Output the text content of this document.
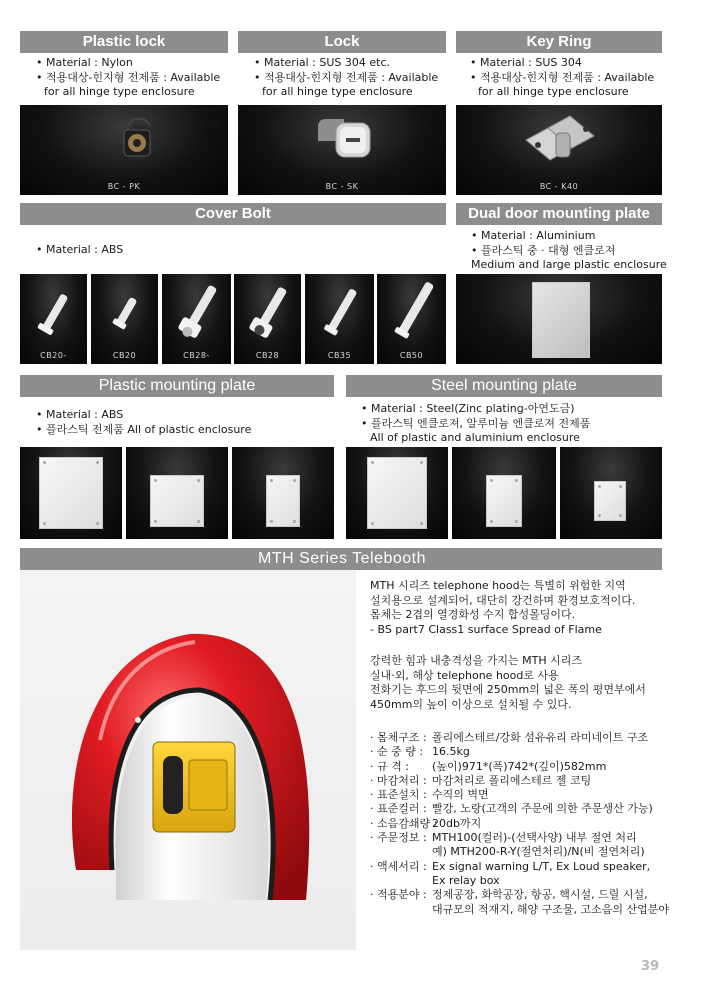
Plastic lock
• Material : Nylon
• 적용대상-힌지형 전제품 : Available
for all hinge type enclosure
BC - PK
Lock
• Material : SUS 304 etc.
• 적용대상-힌지형 전제품 : Available
for all hinge type enclosure
BC - SK
Key Ring
• Material : SUS 304
• 적용대상-힌지형 전제품 : Available
for all hinge type enclosure
BC - K40
Cover Bolt
• Material : ABS
CB20-	CB20	CB28-	CB28	CB35	CB50
Dual door mounting plate
• Material : Aluminium
• 플라스틱 중 · 대형 엔클로져
Medium and large plastic enclosure
Plastic mounting plate
• Material : ABS
• 플라스틱 전제품 All of plastic enclosure
Steel mounting plate
• Material : Steel(Zinc plating-아연도금)
• 플라스틱 엔클로져, 알루미늄 엔클로져 전제품
All of plastic and aluminium enclosure
MTH Series Telebooth
MTH 시리즈 telephone hood는 특별히 위험한 지역
설치용으로 설계되어, 대단히 강건하며 환경보호적이다.
몸체는 2겹의 열경화성 수지 합성몰딩이다.
- BS part7 Class1 surface Spread of Flame
강력한 힘과 내충격성을 가지는 MTH 시리즈
실내·외, 해상 telephone hood로 사용
전화기는 후드의 뒷면에 250mm의 넓은 폭의 평면부에서
450mm의 높이 이상으로 설치될 수 있다.
· 몸체구조 : 폴리에스테르/강화 섬유유리 라미네이트 구조
· 순 중 량 : 16.5kg
· 규 격 :	(높이)971*(폭)742*(깊이)582mm
· 마감처리 : 마감처리로 폴리에스테르 젤 코팅
· 표준설치 : 수직의 벽면
· 표준컬러 : 빨강, 노랑(고객의 주문에 의한 주문생산 가능)
· 소음감쇄량 :
20db까지
· 주문정보 : MTH100(컬러)-(선택사양) 내부 절연 처리
예) MTH200-R-Y(절연처리)/N(비 절연처리)
· 액세서리 : Ex signal warning L/T, Ex Loud speaker,
Ex relay box
· 적용분야 : 정제공장, 화학공장, 항공, 핵시설, 드릴 시설,
대규모의 적재지, 해양 구조물, 고소음의 산업분야
39
